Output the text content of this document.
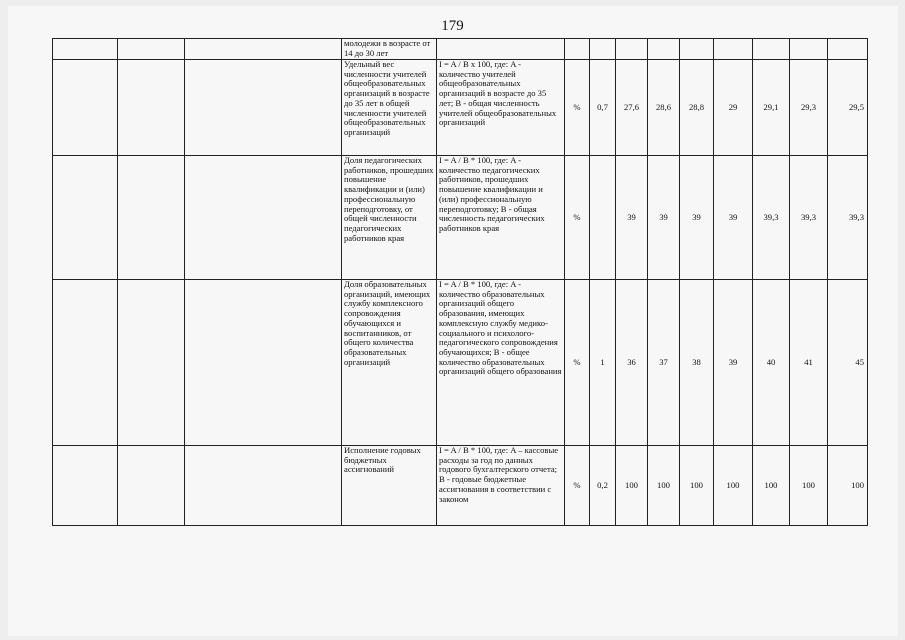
179
			молодежи в возрасте от 14 до 30 лет										
			Удельный вес численности учителей общеобразовательных организаций в возрасте до 35 лет в общей численности учителей общеобразовательных организаций	I = A / B x 100, где: A - количество учителей общеобразовательных организаций в возрасте до 35 лет; B - общая численность учителей общеобразовательных организаций	%	0,7	27,6	28,6	28,8	29	29,1	29,3	29,5
			Доля педагогических работников, прошедших повышение квалификации и (или) профессиональную переподготовку, от общей численности педагогических работников края	I = A / B * 100, где: A - количество педагогических работников, прошедших повышение квалификации и (или) профессиональную переподготовку; B - общая численность педагогических работников края	%		39	39	39	39	39,3	39,3	39,3
			Доля образовательных организаций, имеющих службу комплексного сопровождения обучающихся и воспитанников, от общего количества образовательных организаций	I = A / B * 100, где: A - количество образовательных организаций общего образования, имеющих комплексную службу медико-социального и психолого-педагогического сопровождения обучающихся; B - общее количество образовательных организаций общего образования	%	1	36	37	38	39	40	41	45
			Исполнение годовых бюджетных ассигнований	I = A / B * 100, где: A – кассовые расходы за год по данных годового бухгалтерского отчета; B - годовые бюджетные ассигнования в соответствии с законом	%	0,2	100	100	100	100	100	100	100
